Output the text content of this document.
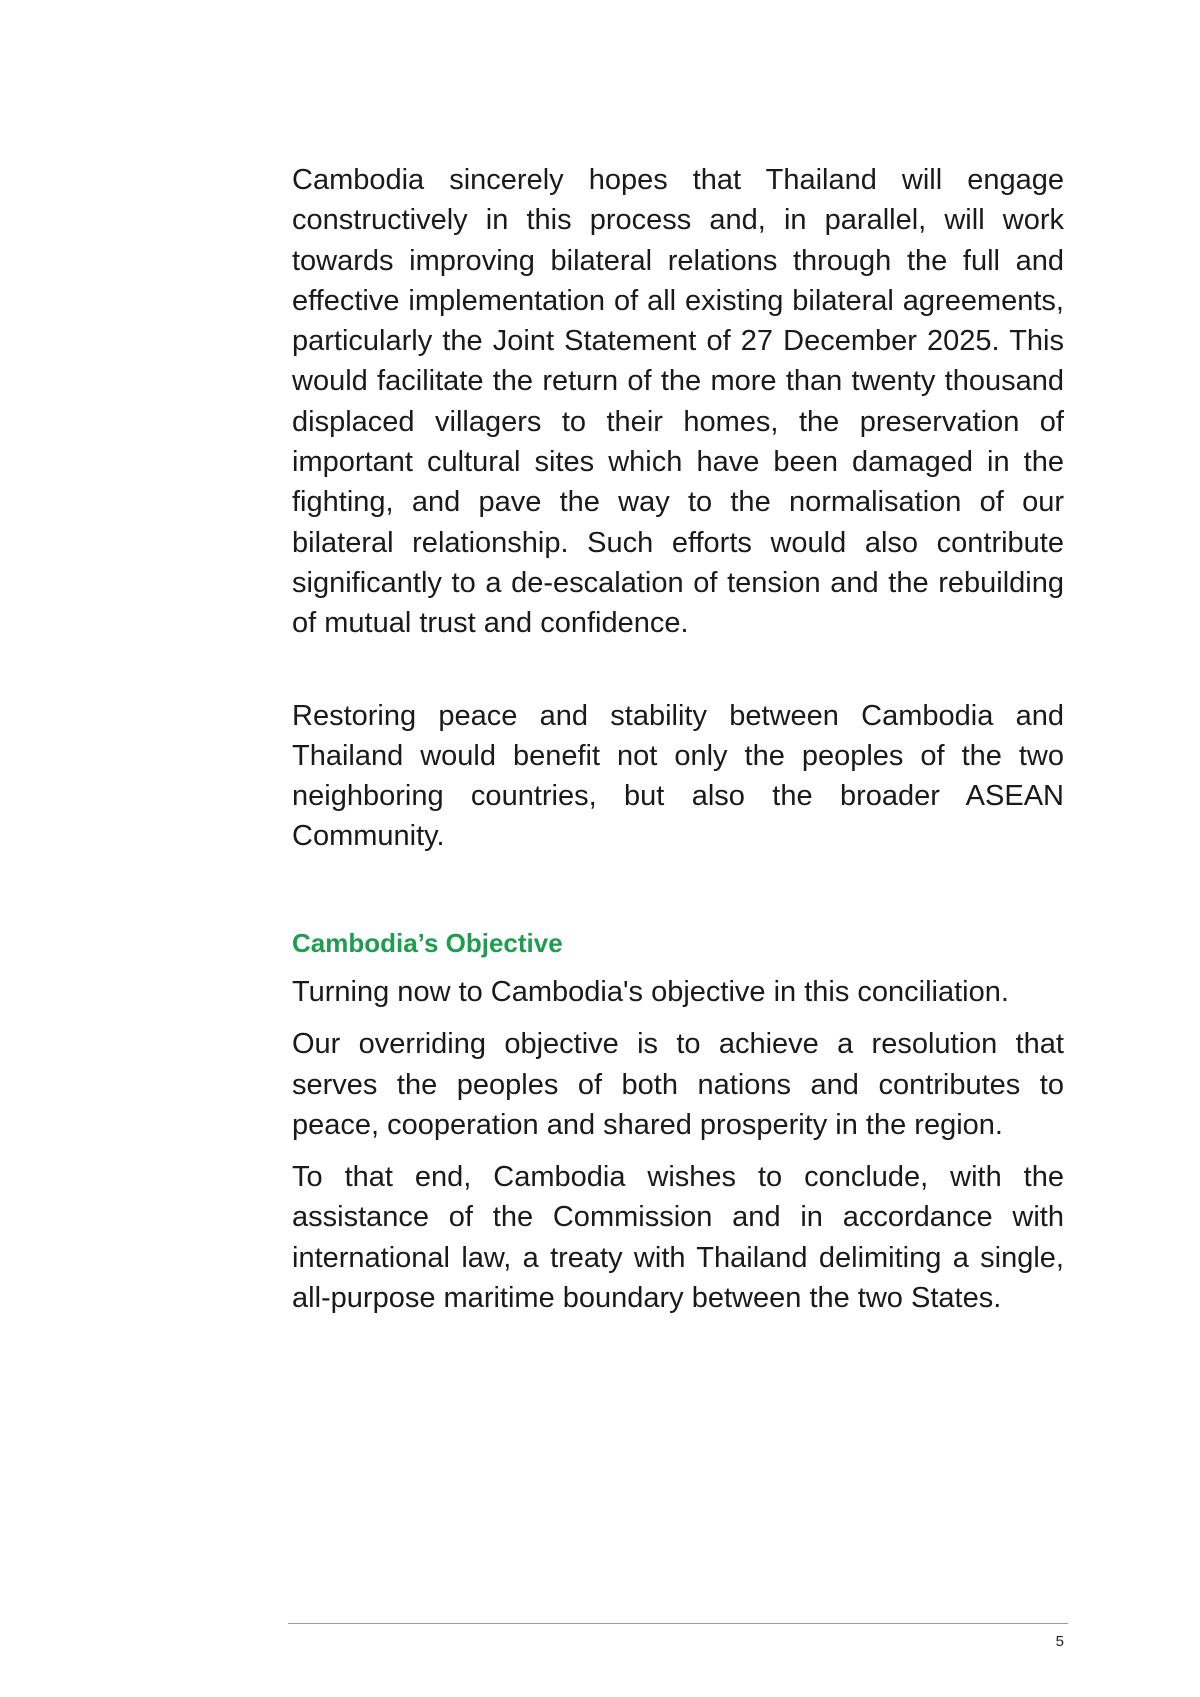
Cambodia sincerely hopes that Thailand will engage constructively in this process and, in parallel, will work towards improving bilateral relations through the full and effective implementation of all existing bilateral agreements, particularly the Joint Statement of 27 December 2025. This would facilitate the return of the more than twenty thousand displaced villagers to their homes, the preservation of important cultural sites which have been damaged in the fighting, and pave the way to the normalisation of our bilateral relationship. Such efforts would also contribute significantly to a de-escalation of tension and the rebuilding of mutual trust and confidence.

Restoring peace and stability between Cambodia and Thailand would benefit not only the peoples of the two neighboring countries, but also the broader ASEAN Community.

Cambodia’s Objective

Turning now to Cambodia's objective in this conciliation.

Our overriding objective is to achieve a resolution that serves the peoples of both nations and contributes to peace, cooperation and shared prosperity in the region.

To that end, Cambodia wishes to conclude, with the assistance of the Commission and in accordance with international law, a treaty with Thailand delimiting a single, all-purpose maritime boundary between the two States.

5
